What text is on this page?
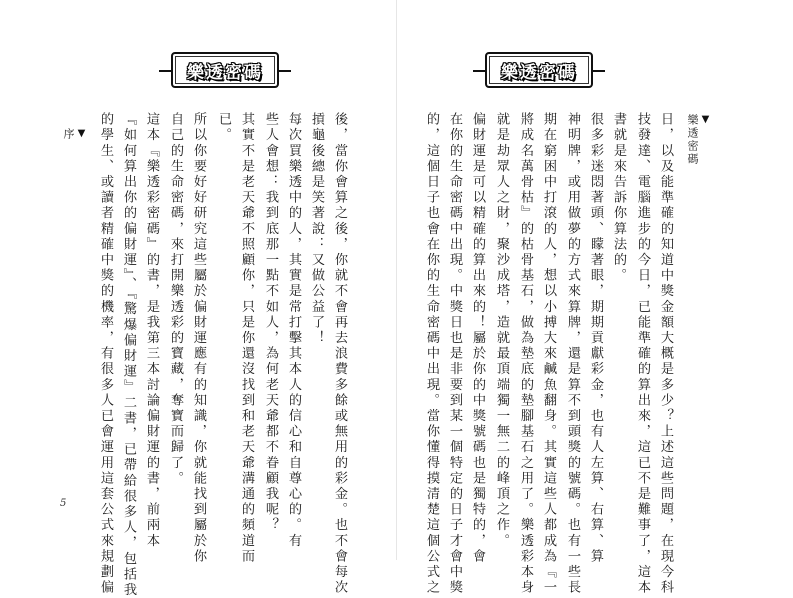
樂透密碼
後，當你會算之後，你就不會再去浪費多餘或無用的彩金。也不會每次
摃龜後總是笑著說：又做公益了！
每次買樂透中的人，其實是常打擊其本人的信心和自尊心的。有
些人會想：我到底那一點不如人，為何老天爺都不眷顧我呢？
其實不是老天爺不照顧你，只是你還沒找到和老天爺溝通的頻道而
已。
所以你要好好研究這些屬於偏財運應有的知識，你就能找到屬於你
自己的生命密碼，來打開樂透彩的寶藏，奪寶而歸了。
這本『樂透彩密碼』的書，是我第三本討論偏財運的書，前兩本
『如何算出你的偏財運』、『驚爆偏財運』二書，已帶給很多人，包括我
的學生、或讀者精確中獎的機率，有很多人已會運用這套公式來規劃偏
▼
序
5
樂透密碼
日，以及能準確的知道中獎金額大概是多少？上述這些問題，在現今科
技發達、電腦進步的今日，已能準確的算出來，這已不是難事了，這本
書就是來告訴你算法的。
很多彩迷悶著頭、矇著眼，期期貢獻彩金，也有人左算、右算、算
神明牌，或用做夢的方式來算牌，還是算不到頭獎的號碼。也有一些長
期在窮困中打滾的人，想以小搏大來鹹魚翻身。其實這些人都成為『一
將成名萬骨枯』的枯骨基石，做為墊底的墊腳基石之用了。樂透彩本身
就是劫眾人之財，聚沙成塔，造就最頂端獨一無二的峰頂之作。
偏財運是可以精確的算出來的！屬於你的中獎號碼也是獨特的，會
在你的生命密碼中出現。中獎日也是非要到某一個特定的日子才會中獎
的，這個日子也會在你的生命密碼中出現。當你懂得摸清楚這個公式之	▼
樂透密碼
